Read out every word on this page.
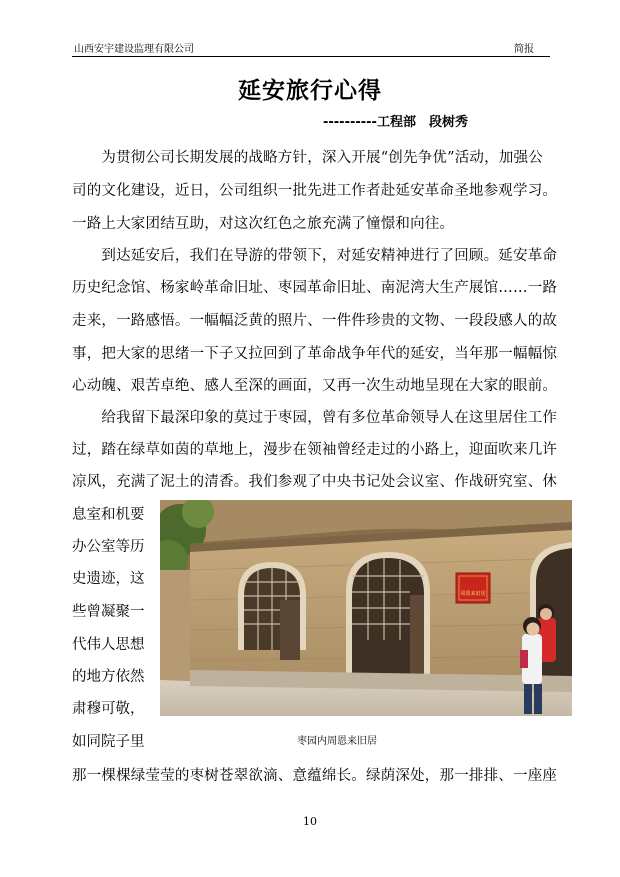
山西安宇建设监理有限公司	简报
延安旅行心得
----------工程部　段树秀
　　为贯彻公司长期发展的战略方针，深入开展“创先争优”活动，加强公
司的文化建设，近日，公司组织一批先进工作者赴延安革命圣地参观学习。
一路上大家团结互助，对这次红色之旅充满了憧憬和向往。
　　到达延安后，我们在导游的带领下，对延安精神进行了回顾。延安革命
历史纪念馆、杨家岭革命旧址、枣园革命旧址、南泥湾大生产展馆……一路
走来，一路感悟。一幅幅泛黄的照片、一件件珍贵的文物、一段段感人的故
事，把大家的思绪一下子又拉回到了革命战争年代的延安，当年那一幅幅惊
心动魄、艰苦卓绝、感人至深的画面，又再一次生动地呈现在大家的眼前。
　　给我留下最深印象的莫过于枣园，曾有多位革命领导人在这里居住工作
过，踏在绿草如茵的草地上，漫步在领袖曾经走过的小路上，迎面吹来几许
凉风，充满了泥土的清香。我们参观了中央书记处会议室、作战研究室、休
息室和机要
办公室等历
史遗迹，这
些曾凝聚一
代伟人思想
的地方依然
肃穆可敬，
如同院子里
那一棵棵绿莹莹的枣树苍翠欲滴、意蕴绵长。绿荫深处，那一排排、一座座
周恩来旧居
枣园内周恩来旧居
10
